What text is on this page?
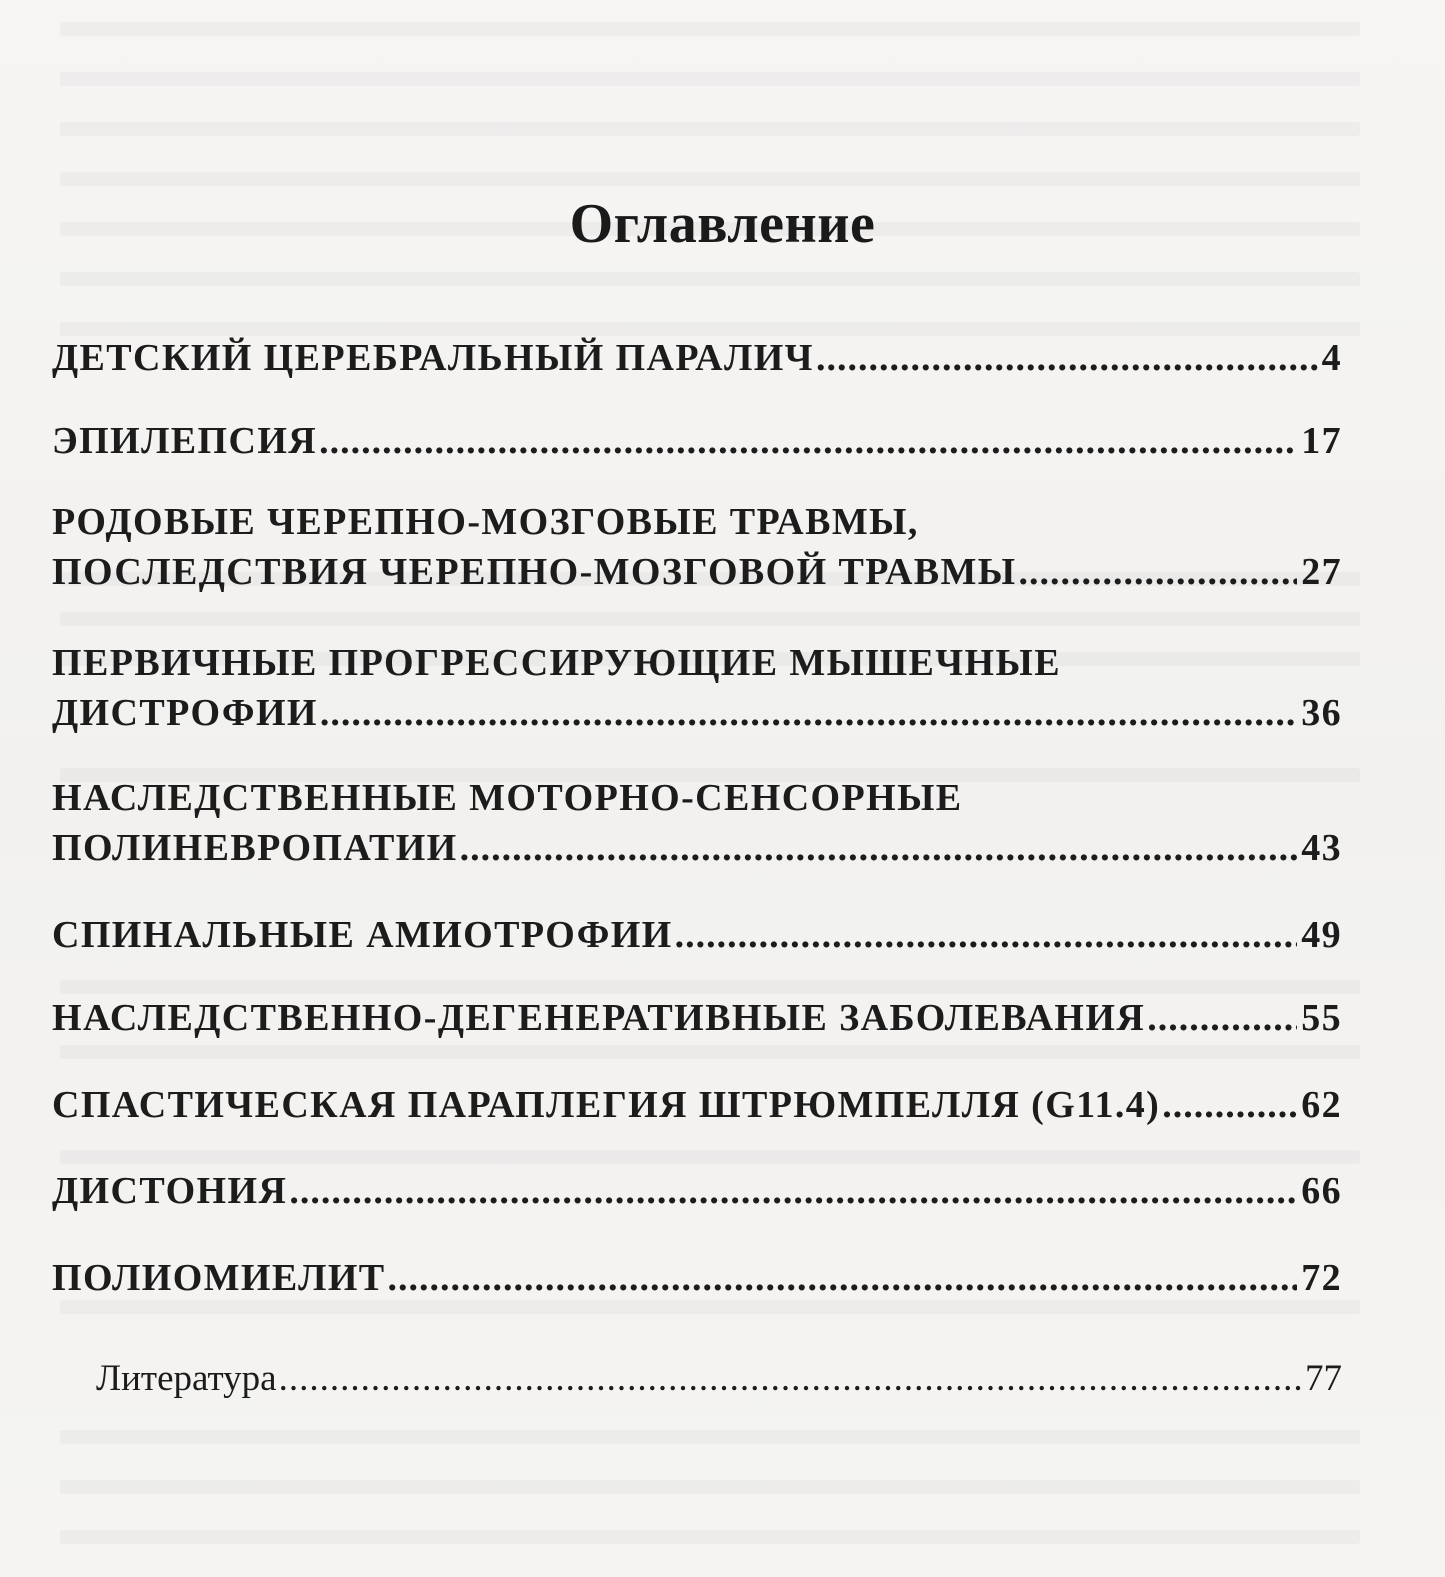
Оглавление
ДЕТСКИЙ ЦЕРЕБРАЛЬНЫЙ ПАРАЛИЧ .....	4
ЭПИЛЕПСИЯ .....	17
РОДОВЫЕ ЧЕРЕПНО-МОЗГОВЫЕ ТРАВМЫ,
ПОСЛЕДСТВИЯ ЧЕРЕПНО-МОЗГОВОЙ ТРАВМЫ .....	27
ПЕРВИЧНЫЕ ПРОГРЕССИРУЮЩИЕ МЫШЕЧНЫЕ
ДИСТРОФИИ .....	36
НАСЛЕДСТВЕННЫЕ МОТОРНО-СЕНСОРНЫЕ
ПОЛИНЕВРОПАТИИ .....	43
СПИНАЛЬНЫЕ АМИОТРОФИИ .....	49
НАСЛЕДСТВЕННО-ДЕГЕНЕРАТИВНЫЕ ЗАБОЛЕВАНИЯ .....	55
СПАСТИЧЕСКАЯ ПАРАПЛЕГИЯ ШТРЮМПЕЛЛЯ (G11.4) .....	62
ДИСТОНИЯ .....	66
ПОЛИОМИЕЛИТ .....	72
Литература .....	77
